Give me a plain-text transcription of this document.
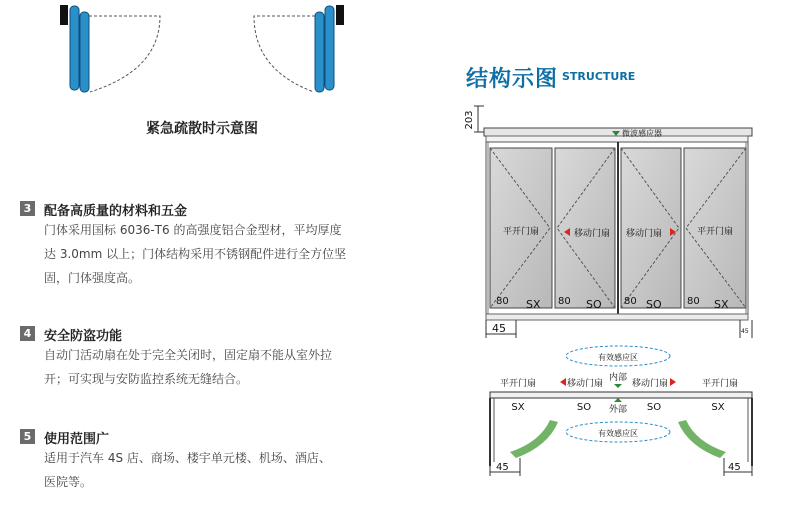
紧急疏散时示意图
3 配备高质量的材料和五金
门体采用国标 6036-T6 的高强度铝合金型材，平均厚度
达 3.0mm 以上；门体结构采用不锈钢配件进行全方位坚
固，门体强度高。
4 安全防盗功能
自动门活动扇在处于完全关闭时，固定扇不能从室外拉
开；可实现与安防监控系统无缝结合。
5 使用范围广
适用于汽车 4S 店、商场、楼宇单元楼、机场、酒店、
医院等。
结构示图 STRUCTURE
203
微波感应器
平开门扇	移动门扇 移动门扇	平开门扇
80	80	80	80
SX	SO	SO	SX
45	45
有效感应区
内部
平开门扇	移动门扇	移动门扇	平开门扇
SX	SO	SO	SX
外部
有效感应区
45	45
